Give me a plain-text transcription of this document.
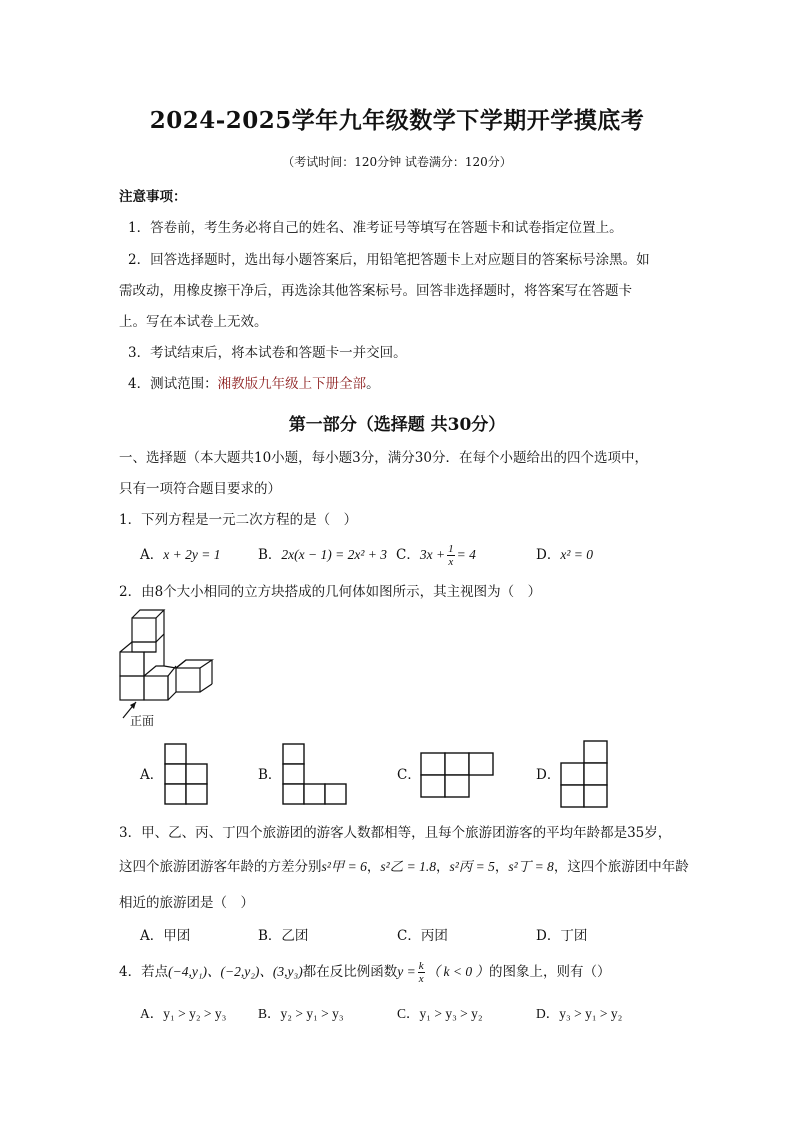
2024-2025学年九年级数学下学期开学摸底考
（考试时间：120分钟 试卷满分：120分）
注意事项：
1．答卷前，考生务必将自己的姓名、准考证号等填写在答题卡和试卷指定位置上。
2．回答选择题时，选出每小题答案后，用铅笔把答题卡上对应题目的答案标号涂黑。如
需改动，用橡皮擦干净后，再选涂其他答案标号。回答非选择题时，将答案写在答题卡
上。写在本试卷上无效。
3．考试结束后，将本试卷和答题卡一并交回。
4．测试范围：湘教版九年级上下册全部。
第一部分（选择题 共30分）
一、选择题（本大题共10小题，每小题3分，满分30分．在每个小题给出的四个选项中，
只有一项符合题目要求的）
1．下列方程是一元二次方程的是（　）
A．x + 2y = 1	B．2x(x − 1) = 2x² + 3 C．$3x + \frac{1}{x} = 4$	D．x² = 0
2．由8个大小相同的立方块搭成的几何体如图所示，其主视图为（　）
正面
A．	B．	C．	D．
3．甲、乙、丙、丁四个旅游团的游客人数都相等，且每个旅游团游客的平均年龄都是35岁，
这四个旅游团游客年龄的方差分别s²甲 = 6，s²乙 = 1.8，s²丙 = 5，s²丁 = 8，这四个旅游团中年龄
相近的旅游团是（　）
A．甲团	B．乙团	C．丙团	D．丁团
4．若点(−4,y₁)、(−2,y₂)、(3,y₃)都在反比例函数$y = \frac{k}{x}$ （ k < 0 ）的图象上，则有（）
A．y₁ > y₂ > y₃ B．y₂ > y₁ > y₃	C．y₁ > y₃ > y₂	D．y₃ > y₁ > y₂
